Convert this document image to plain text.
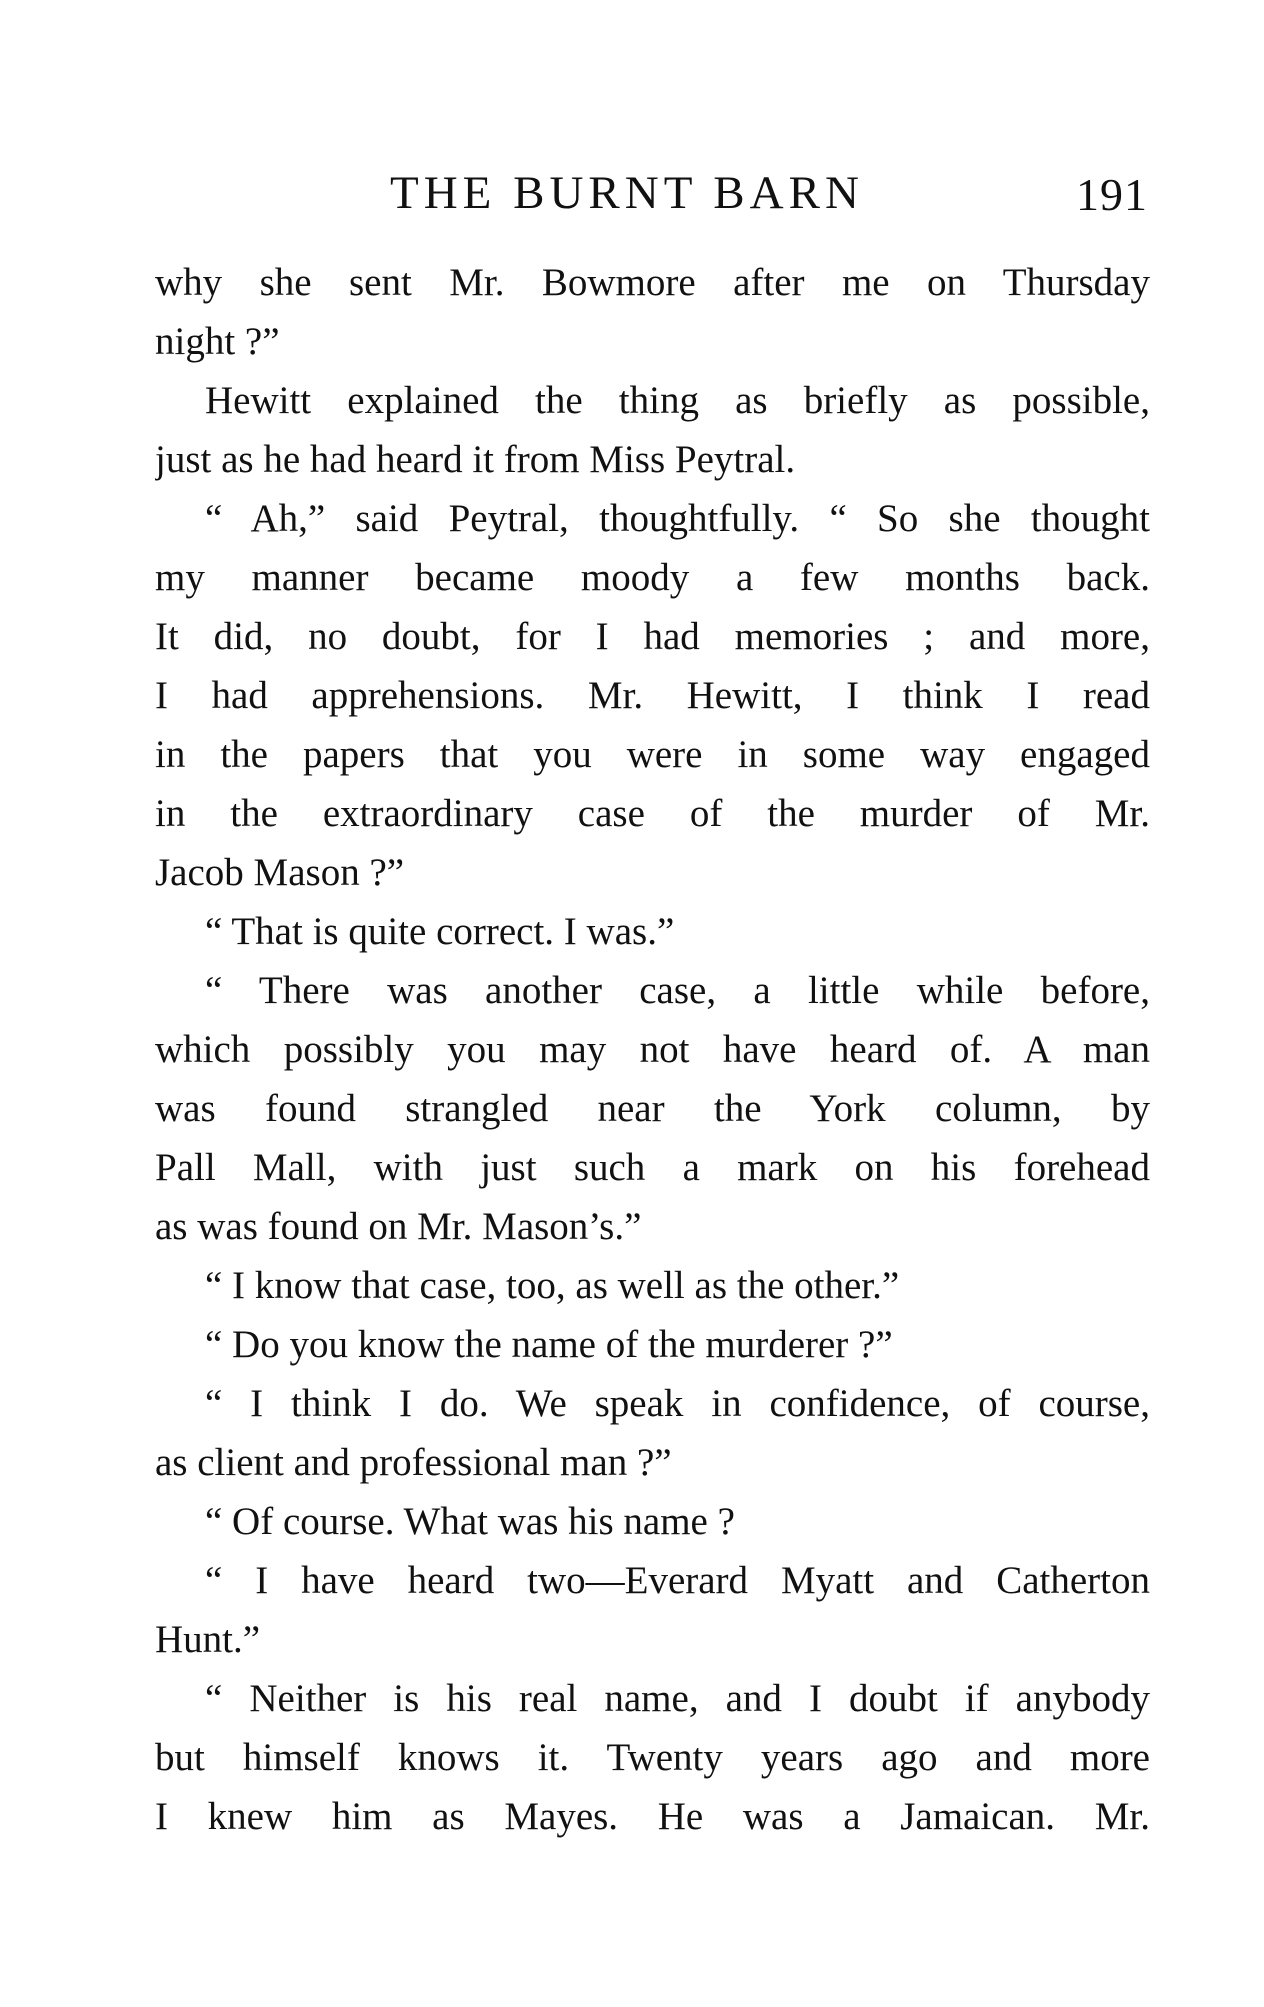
THE BURNT BARN	191
why she sent Mr. Bowmore after me on Thursday
night ?”
Hewitt explained the thing as briefly as possible,
just as he had heard it from Miss Peytral.
“ Ah,” said Peytral, thoughtfully. “ So she thought
my manner became moody a few months back.
It did, no doubt, for I had memories ; and more,
I had apprehensions. Mr. Hewitt, I think I read
in the papers that you were in some way engaged
in the extraordinary case of the murder of Mr.
Jacob Mason ?”
“ That is quite correct. I was.”
“ There was another case, a little while before,
which possibly you may not have heard of. A man
was found strangled near the York column, by
Pall Mall, with just such a mark on his forehead
as was found on Mr. Mason’s.”
“ I know that case, too, as well as the other.”
“ Do you know the name of the murderer ?”
“ I think I do. We speak in confidence, of course,
as client and professional man ?”
“ Of course. What was his name ?
“ I have heard two—Everard Myatt and Catherton
Hunt.”
“ Neither is his real name, and I doubt if anybody
but himself knows it. Twenty years ago and more
I knew him as Mayes. He was a Jamaican. Mr.
